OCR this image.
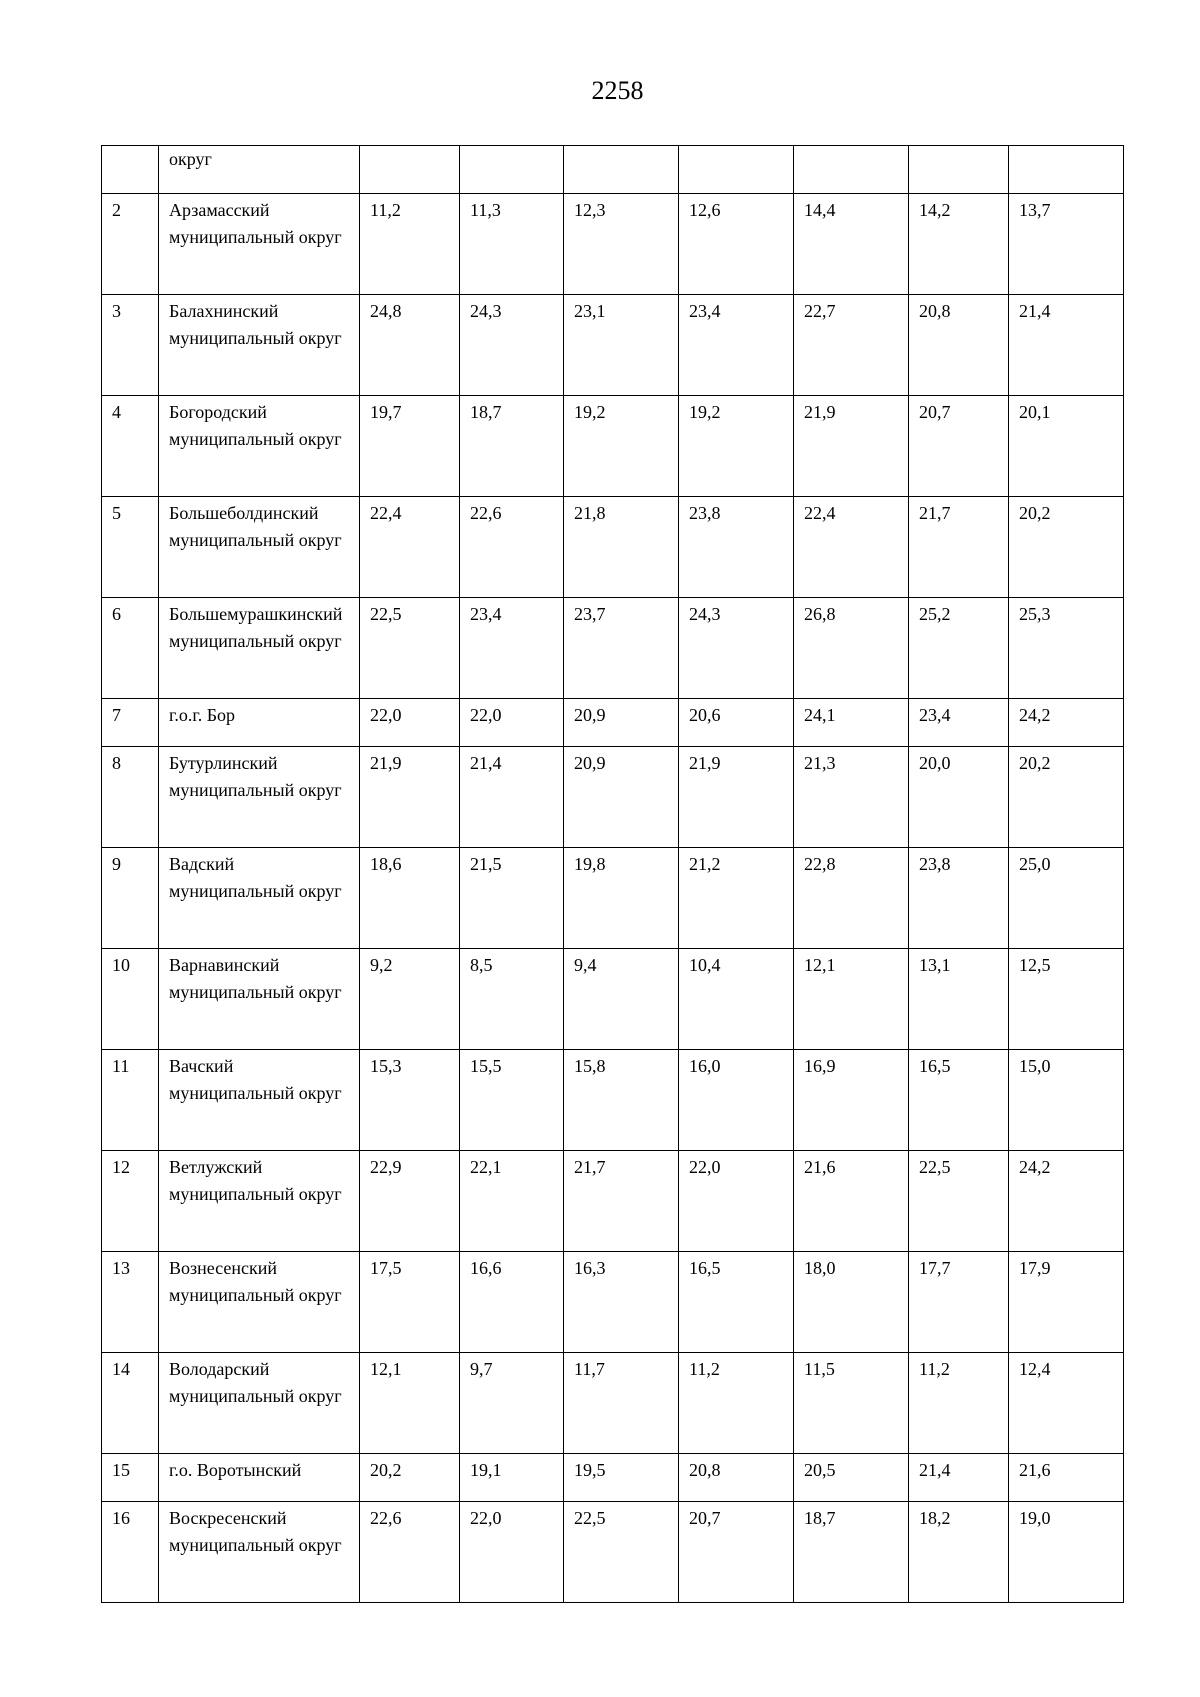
2258
	округ							
2	Арзамасский муниципальный округ	11,2	11,3	12,3	12,6	14,4	14,2	13,7
3	Балахнинский муниципальный округ	24,8	24,3	23,1	23,4	22,7	20,8	21,4
4	Богородский муниципальный округ	19,7	18,7	19,2	19,2	21,9	20,7	20,1
5	Большеболдинский муниципальный округ	22,4	22,6	21,8	23,8	22,4	21,7	20,2
6	Большемурашкинский муниципальный округ	22,5	23,4	23,7	24,3	26,8	25,2	25,3
7	г.о.г. Бор	22,0	22,0	20,9	20,6	24,1	23,4	24,2
8	Бутурлинский муниципальный округ	21,9	21,4	20,9	21,9	21,3	20,0	20,2
9	Вадский муниципальный округ	18,6	21,5	19,8	21,2	22,8	23,8	25,0
10	Варнавинский муниципальный округ	9,2	8,5	9,4	10,4	12,1	13,1	12,5
11	Вачский муниципальный округ	15,3	15,5	15,8	16,0	16,9	16,5	15,0
12	Ветлужский муниципальный округ	22,9	22,1	21,7	22,0	21,6	22,5	24,2
13	Вознесенский муниципальный округ	17,5	16,6	16,3	16,5	18,0	17,7	17,9
14	Володарский муниципальный округ	12,1	9,7	11,7	11,2	11,5	11,2	12,4
15	г.о. Воротынский	20,2	19,1	19,5	20,8	20,5	21,4	21,6
16	Воскресенский муниципальный округ	22,6	22,0	22,5	20,7	18,7	18,2	19,0
